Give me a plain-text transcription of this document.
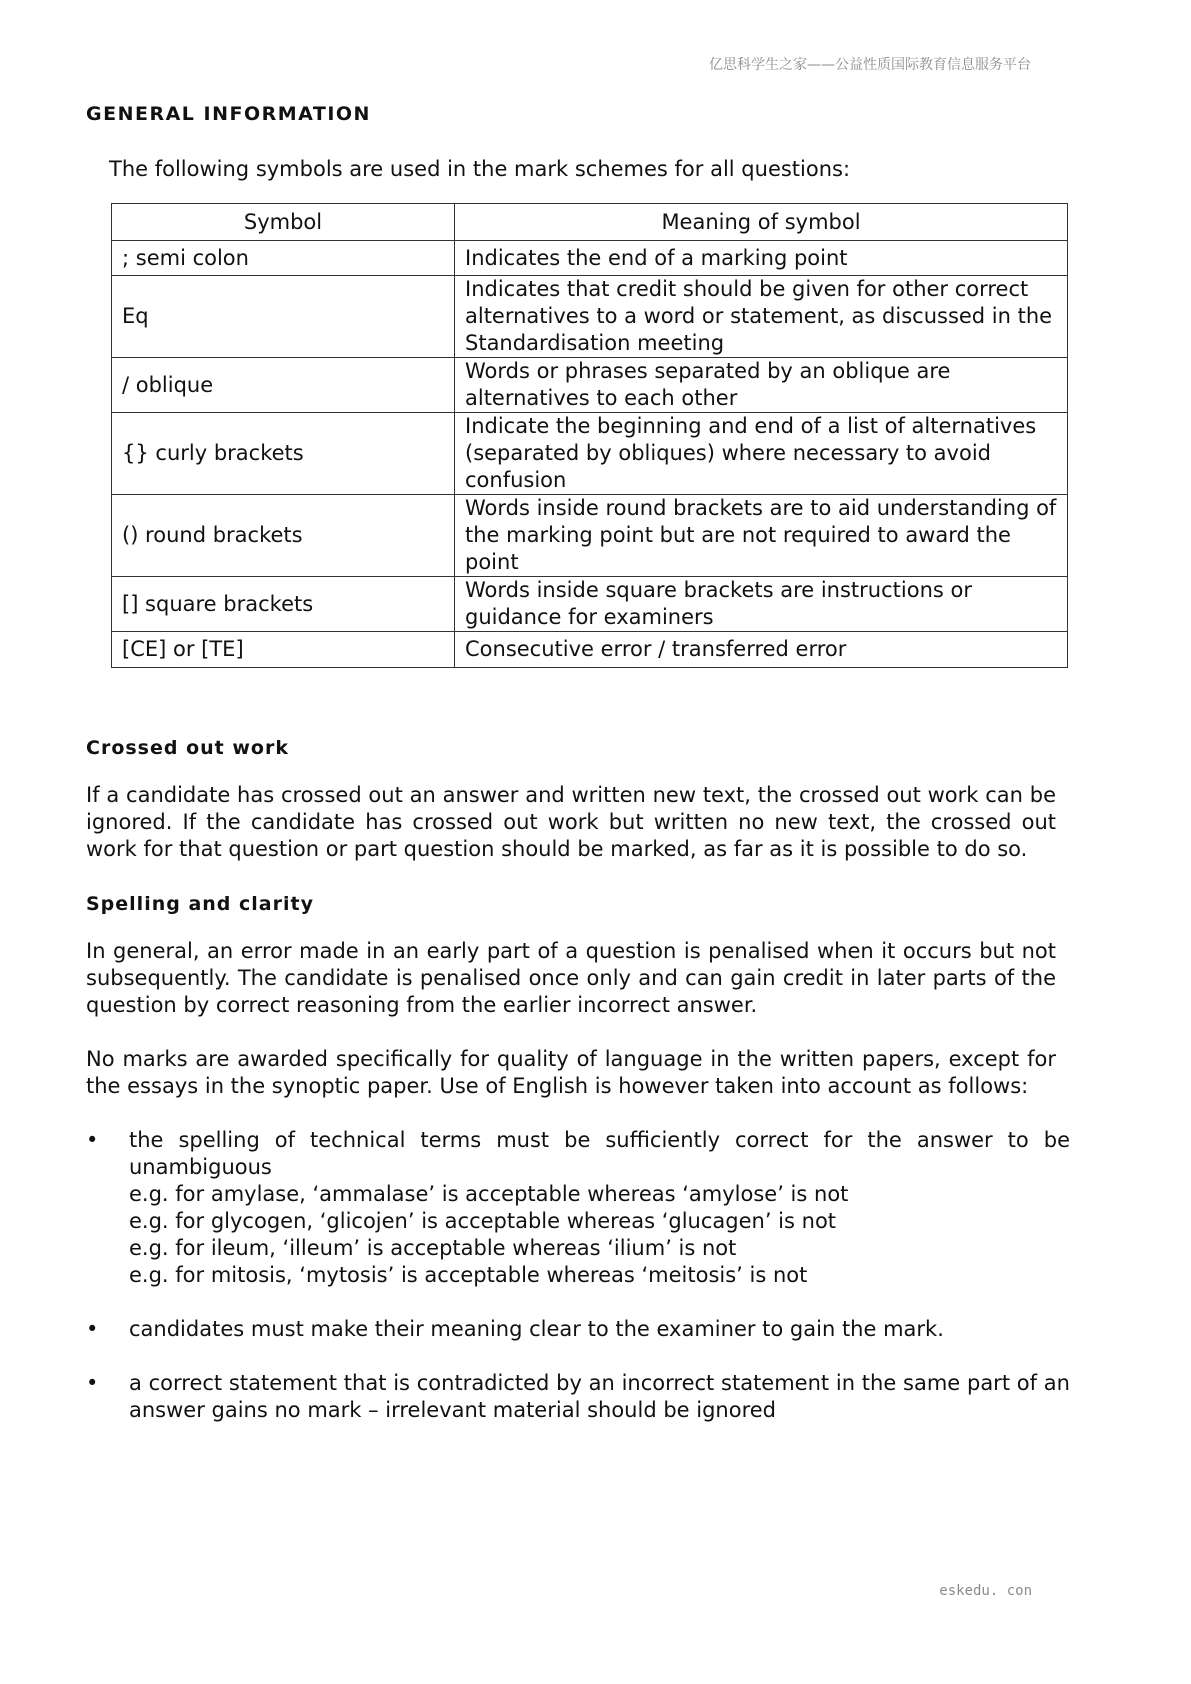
亿思科学生之家——公益性质国际教育信息服务平台
GENERAL INFORMATION

The following symbols are used in the mark schemes for all questions:

Symbol	Meaning of symbol
; semi colon	Indicates the end of a marking point
Eq	Indicates that credit should be given for other correct alternatives to a word or statement, as discussed in the Standardisation meeting
/ oblique	Words or phrases separated by an oblique are alternatives to each other
{} curly brackets	Indicate the beginning and end of a list of alternatives (separated by obliques) where necessary to avoid confusion
() round brackets	Words inside round brackets are to aid understanding of the marking point but are not required to award the point
[] square brackets	Words inside square brackets are instructions or guidance for examiners
[CE] or [TE]	Consecutive error / transferred error
Crossed out work

If a candidate has crossed out an answer and written new text, the crossed out work can be ignored. If the candidate has crossed out work but written no new text, the crossed out work for that question or part question should be marked, as far as it is possible to do so.

Spelling and clarity

In general, an error made in an early part of a question is penalised when it occurs but not subsequently. The candidate is penalised once only and can gain credit in later parts of the question by correct reasoning from the earlier incorrect answer.

No marks are awarded specifically for quality of language in the written papers, except for the essays in the synoptic paper. Use of English is however taken into account as follows:

• the spelling of technical terms must be sufficiently correct for the answer to be unambiguous
e.g. for amylase, ‘ammalase’ is acceptable whereas ‘amylose’ is not
e.g. for glycogen, ‘glicojen’ is acceptable whereas ‘glucagen’ is not
e.g. for ileum, ‘illeum’ is acceptable whereas ‘ilium’ is not
e.g. for mitosis, ‘mytosis’ is acceptable whereas ‘meitosis’ is not
• candidates must make their meaning clear to the examiner to gain the mark.
• a correct statement that is contradicted by an incorrect statement in the same part of an answer gains no mark – irrelevant material should be ignored
eskedu. con
